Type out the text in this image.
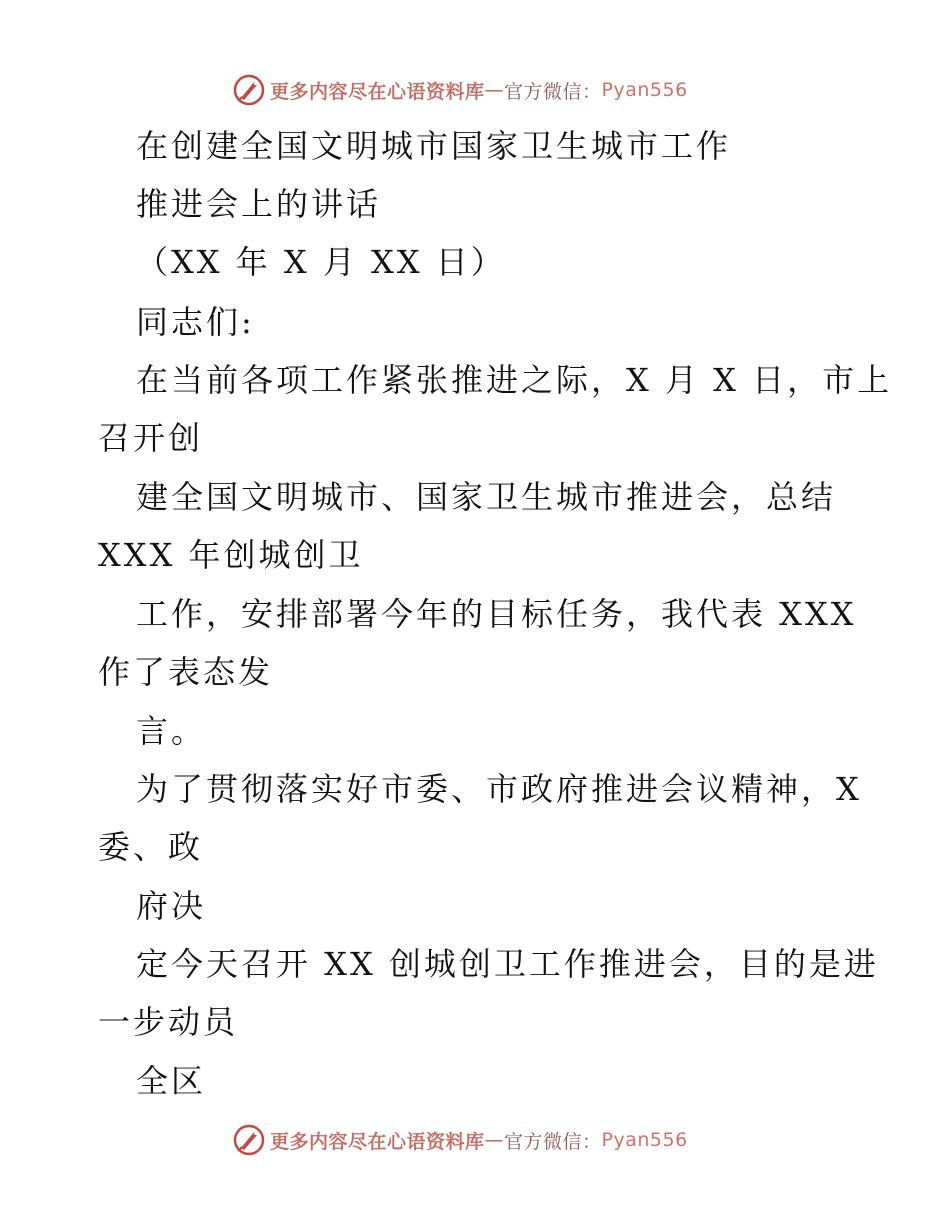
更多内容尽在心语资料库 — 官方微信： Pyan556
在创建全国文明城市国家卫生城市工作
推进会上的讲话
（XX 年 X 月 XX 日）
同志们:
在当前各项工作紧张推进之际，X 月 X 日，市上
召开创
建全国文明城市、国家卫生城市推进会，总结
XXX 年创城创卫
工作，安排部署今年的目标任务，我代表 XXX
作了表态发
言。
为了贯彻落实好市委、市政府推进会议精神，X
委、政
府决
定今天召开 XX 创城创卫工作推进会，目的是进
一步动员
全区
更多内容尽在心语资料库 — 官方微信： Pyan556
